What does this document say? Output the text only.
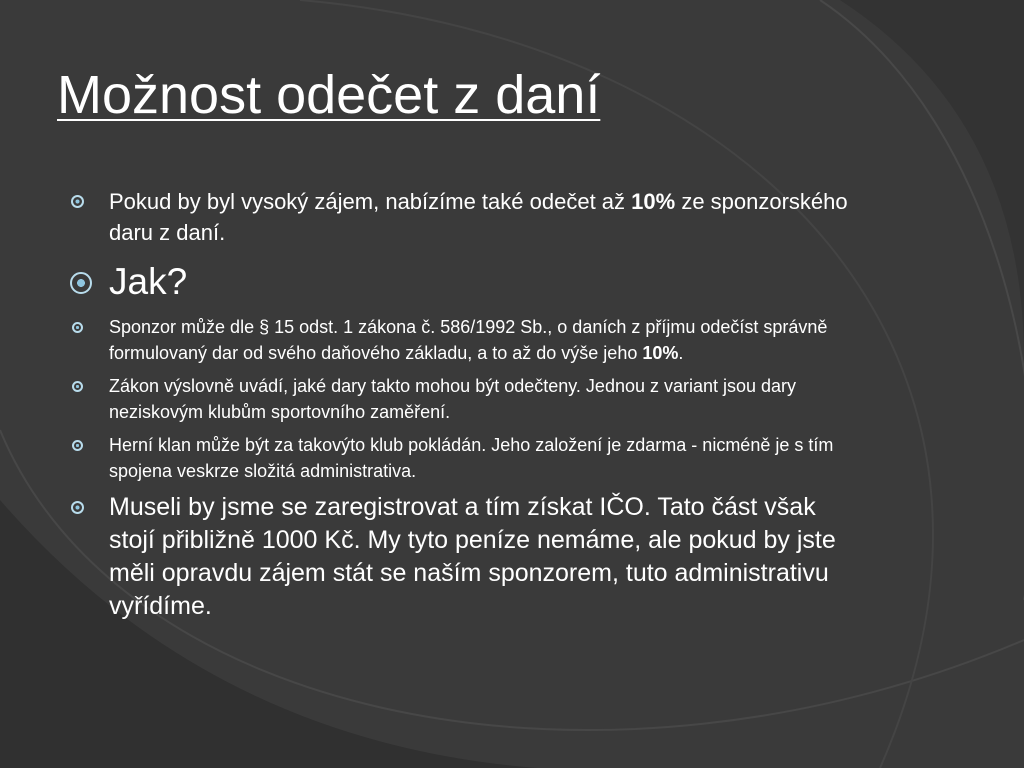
Možnost odečet z daní
Pokud by byl vysoký zájem, nabízíme také odečet až 10% ze sponzorského daru z daní.
Jak?
Sponzor může dle § 15 odst. 1 zákona č. 586/1992 Sb., o daních z příjmu odečíst správně formulovaný dar od svého daňového základu, a to až do výše jeho 10%.
Zákon výslovně uvádí, jaké dary takto mohou být odečteny. Jednou z variant jsou dary neziskovým klubům sportovního zaměření.
Herní klan může být za takovýto klub pokládán. Jeho založení je zdarma - nicméně je s tím spojena veskrze složitá administrativa.
Museli by jsme se zaregistrovat a tím získat IČO. Tato část však stojí přibližně 1000 Kč. My tyto peníze nemáme, ale pokud by jste měli opravdu zájem stát se naším sponzorem, tuto administrativu vyřídíme.
